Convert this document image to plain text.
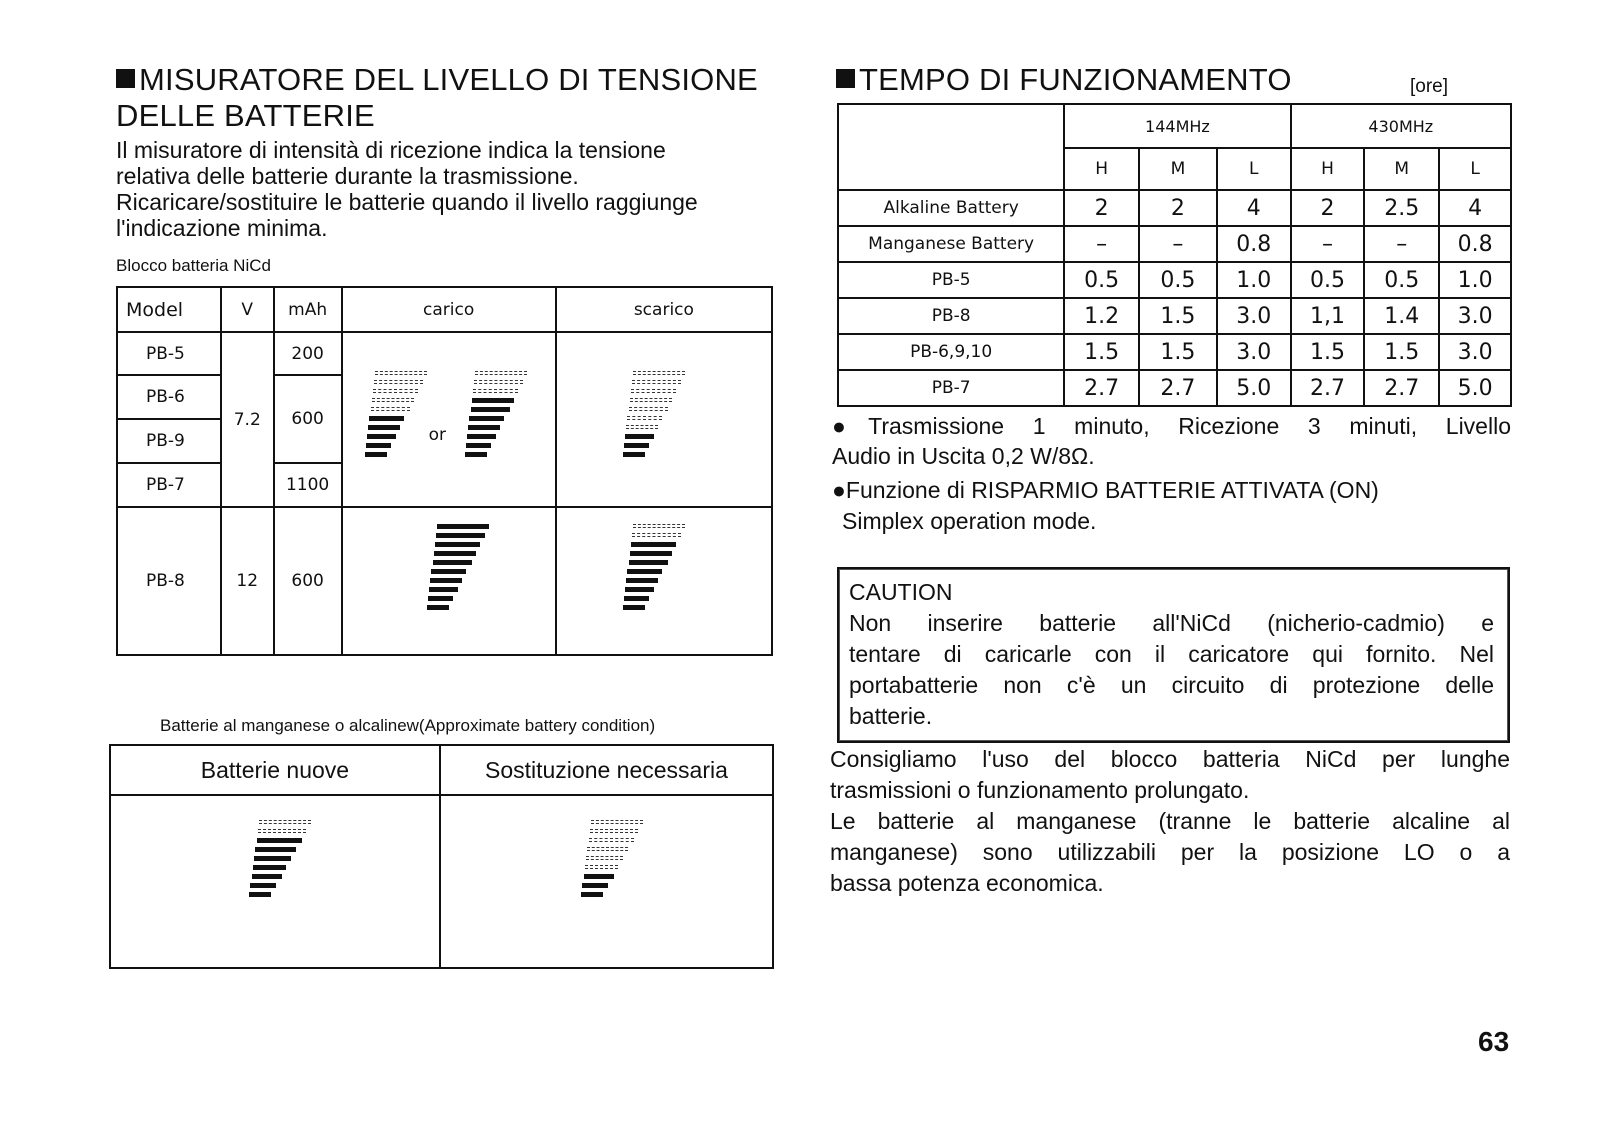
MISURATORE DEL LIVELLO DI TENSIONE
DELLE BATTERIE
Il misuratore di intensità di ricezione indica la tensione
relativa delle batterie durante la trasmissione.
Ricaricare/sostituire le batterie quando il livello raggiunge
l'indicazione minima.
Blocco batteria NiCd
Model	V	mAh	carico	scarico
PB-5	7.2	200	or	

PB-6		600		
PB-9				
PB-7		1100		
PB-8	12	600	

Batterie al manganese o alcalinew(Approximate battery condition)
Batterie nuove	Sostituzione necessaria

TEMPO DI FUNZIONAMENTO	[ore]
	144MHz			430MHz		
	H	M	L	H	M	L
Alkaline Battery	2	2	4	2	2.5	4
Manganese Battery	–	–	0.8	–	–	0.8
PB-5	0.5	0.5	1.0	0.5	0.5	1.0
PB-8	1.2	1.5	3.0	1,1	1.4	3.0
PB-6,9,10	1.5	1.5	3.0	1.5	1.5	3.0
PB-7	2.7	2.7	5.0	2.7	2.7	5.0
●Trasmissione 1 minuto, Ricezione 3 minuti, Livello
Audio in Uscita 0,2 W/8Ω.
●Funzione di RISPARMIO BATTERIE ATTIVATA (ON)
Simplex operation mode.
CAUTION
Non inserire batterie all'NiCd (nicherio-cadmio) e
tentare di caricarle con il caricatore qui fornito. Nel
portabatterie non c'è un circuito di protezione delle
batterie.
Consigliamo l'uso del blocco batteria NiCd per lunghe
trasmissioni o funzionamento prolungato.
Le batterie al manganese (tranne le batterie alcaline al
manganese) sono utilizzabili per la posizione LO o a
bassa potenza economica.
63
